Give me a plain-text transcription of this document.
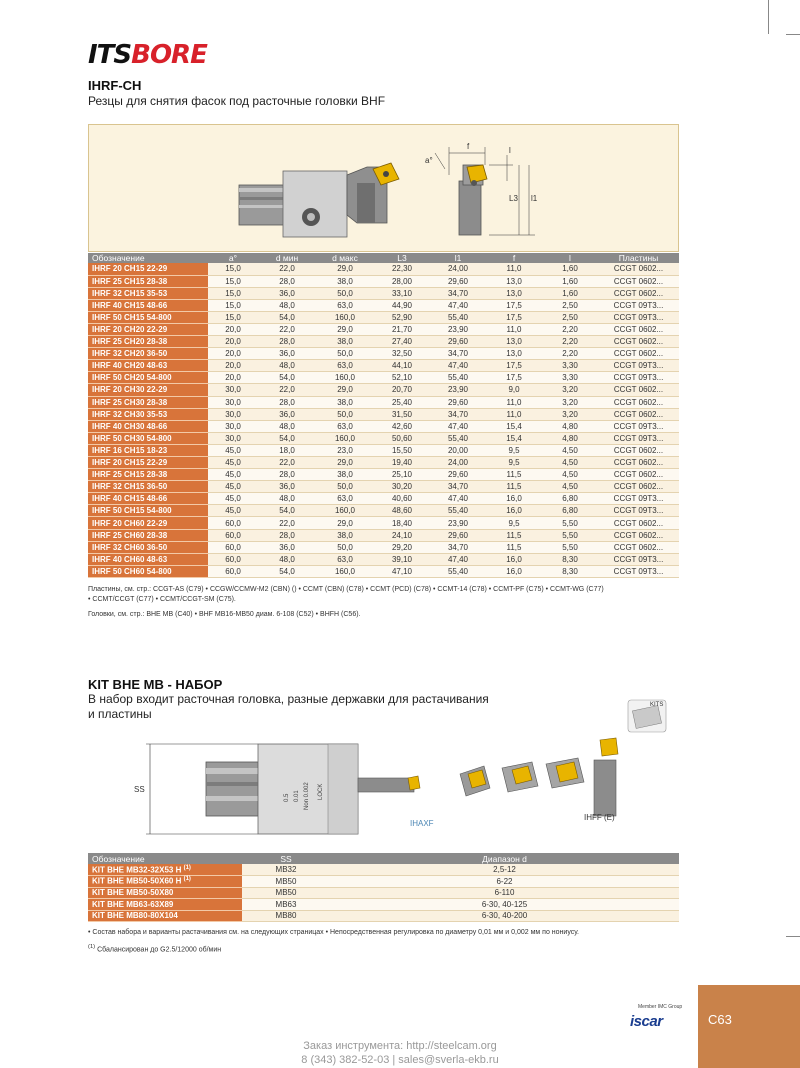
ITSBORE
IHRF-CH
Резцы для снятия фасок под расточные головки BHF
f
a°
l
L3 l1
Обозначение	a°	d мин	d макс	L3	l1	f	l	Пластины
IHRF 20 CH15 22-29	15,0	22,0	29,0	22,30	24,00	11,0	1,60	CCGT 0602...
IHRF 25 CH15 28-38	15,0	28,0	38,0	28,00	29,60	13,0	1,60	CCGT 0602...
IHRF 32 CH15 35-53	15,0	36,0	50,0	33,10	34,70	13,0	1,60	CCGT 0602...
IHRF 40 CH15 48-66	15,0	48,0	63,0	44,90	47,40	17,5	2,50	CCGT 09T3...
IHRF 50 CH15 54-800	15,0	54,0	160,0	52,90	55,40	17,5	2,50	CCGT 09T3...
IHRF 20 CH20 22-29	20,0	22,0	29,0	21,70	23,90	11,0	2,20	CCGT 0602...
IHRF 25 CH20 28-38	20,0	28,0	38,0	27,40	29,60	13,0	2,20	CCGT 0602...
IHRF 32 CH20 36-50	20,0	36,0	50,0	32,50	34,70	13,0	2,20	CCGT 0602...
IHRF 40 CH20 48-63	20,0	48,0	63,0	44,10	47,40	17,5	3,30	CCGT 09T3...
IHRF 50 CH20 54-800	20,0	54,0	160,0	52,10	55,40	17,5	3,30	CCGT 09T3...
IHRF 20 CH30 22-29	30,0	22,0	29,0	20,70	23,90	9,0	3,20	CCGT 0602...
IHRF 25 CH30 28-38	30,0	28,0	38,0	25,40	29,60	11,0	3,20	CCGT 0602...
IHRF 32 CH30 35-53	30,0	36,0	50,0	31,50	34,70	11,0	3,20	CCGT 0602...
IHRF 40 CH30 48-66	30,0	48,0	63,0	42,60	47,40	15,4	4,80	CCGT 09T3...
IHRF 50 CH30 54-800	30,0	54,0	160,0	50,60	55,40	15,4	4,80	CCGT 09T3...
IHRF 16 CH15 18-23	45,0	18,0	23,0	15,50	20,00	9,5	4,50	CCGT 0602...
IHRF 20 CH15 22-29	45,0	22,0	29,0	19,40	24,00	9,5	4,50	CCGT 0602...
IHRF 25 CH15 28-38	45,0	28,0	38,0	25,10	29,60	11,5	4,50	CCGT 0602...
IHRF 32 CH15 36-50	45,0	36,0	50,0	30,20	34,70	11,5	4,50	CCGT 0602...
IHRF 40 CH15 48-66	45,0	48,0	63,0	40,60	47,40	16,0	6,80	CCGT 09T3...
IHRF 50 CH15 54-800	45,0	54,0	160,0	48,60	55,40	16,0	6,80	CCGT 09T3...
IHRF 20 CH60 22-29	60,0	22,0	29,0	18,40	23,90	9,5	5,50	CCGT 0602...
IHRF 25 CH60 28-38	60,0	28,0	38,0	24,10	29,60	11,5	5,50	CCGT 0602...
IHRF 32 CH60 36-50	60,0	36,0	50,0	29,20	34,70	11,5	5,50	CCGT 0602...
IHRF 40 CH60 48-63	60,0	48,0	63,0	39,10	47,40	16,0	8,30	CCGT 09T3...
IHRF 50 CH60 54-800	60,0	54,0	160,0	47,10	55,40	16,0	8,30	CCGT 09T3...
Пластины, см. стр.: CCGT-AS (C79) • CCGW/CCMW-M2 (CBN) () • CCMT (CBN) (C78) • CCMT (PCD) (C78) • CCMT-14 (C78) • CCMT-PF (C75) • CCMT-WG (C77)
• CCMT/CCGT (C77) • CCMT/CCGT-SM (C75).
Головки, см. стр.: BHE MB (C40) • BHF MB16-MB50 диам. 6-108 (C52) • BHFH (C56).
KIT BHE MB - НАБОР
В набор входит расточная головка, разные державки для растачивания
и пластины
SS
0.5 0.01 Non 0.002 LOCK
IHAXF
IHFF (E)
KITS
Обозначение	SS	Диапазон d
KIT BHE MB32-32X53 H $^{(1)}$	MB32	2,5-12
KIT BHE MB50-50X60 H $^{(1)}$	MB50	6-22
KIT BHE MB50-50X80	MB50	6-110
KIT BHE MB63-63X89	MB63	6-30, 40-125
KIT BHE MB80-80X104	MB80	6-30, 40-200
• Состав набора и варианты растачивания см. на следующих страницах • Непосредственная регулировка по диаметру 0,01 мм и 0,002 мм по нониусу.
$^{(1)}$ Сбалансирован до G2.5/12000 об/мин
Member IMC Group
iscar	C63
Заказ инструмента: http://steelcam.org
8 (343) 382-52-03 | sales@sverla-ekb.ru
